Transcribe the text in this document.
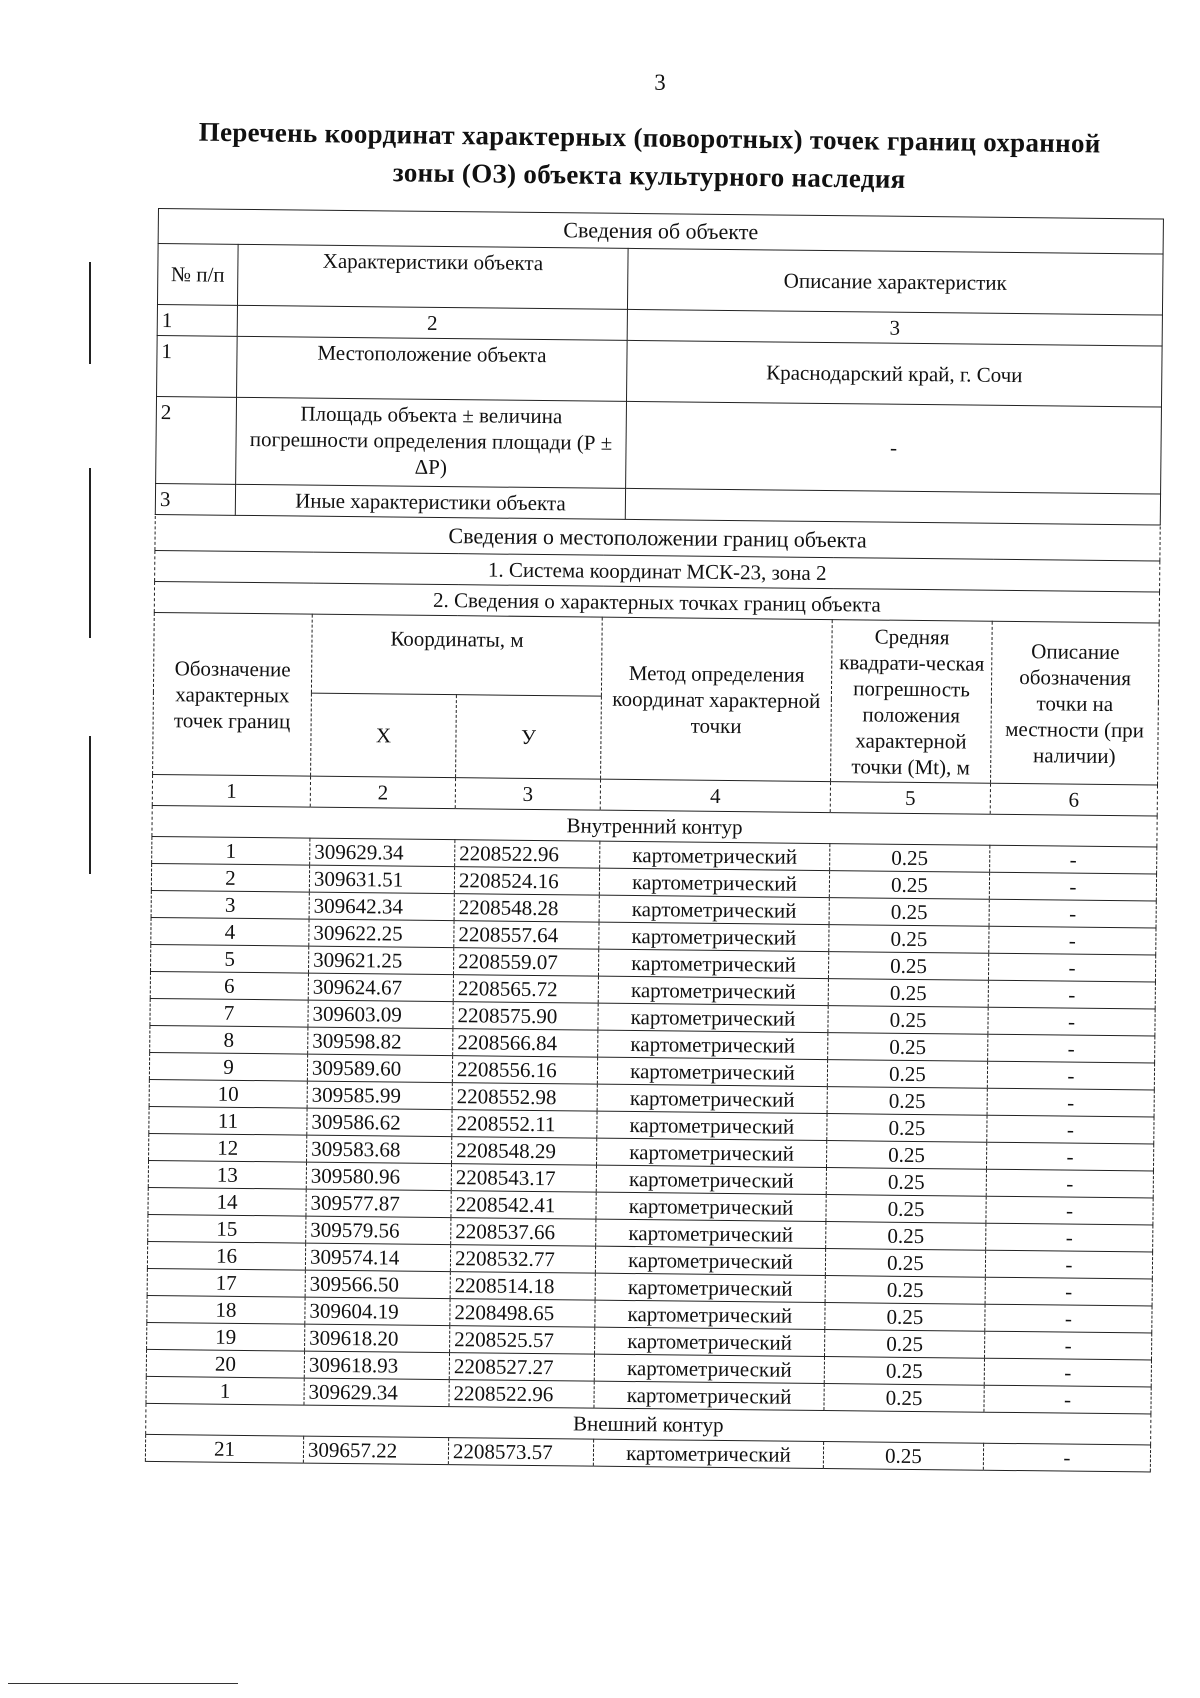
3
Перечень координат характерных (поворотных) точек границ охранной
зоны (ОЗ) объекта культурного наследия
Сведения об объекте		
№ п/п	Характеристики объекта	Описание характеристик
1	2	3
1	Местоположение объекта	Краснодарский край, г. Сочи
2	Площадь объекта ± величина погрешности определения площади (Р ± ΔР)	-
3	Иные характеристики объекта	
Сведения о местоположении границ объекта					
1. Система координат МСК-23, зона 2					
2. Сведения о характерных точках границ объекта					
Обозначение характерных точек границ	Координаты, м		Метод определения координат характерной точки	Средняя квадрати-ческая погрешность положения характерной точки (Мt), м	Описание обозначения точки на местности (при наличии)
	Х	У			
1	2	3	4	5	6
Внутренний контур					
1	309629.34	2208522.96	картометрический	0.25	-
2	309631.51	2208524.16	картометрический	0.25	-
3	309642.34	2208548.28	картометрический	0.25	-
4	309622.25	2208557.64	картометрический	0.25	-
5	309621.25	2208559.07	картометрический	0.25	-
6	309624.67	2208565.72	картометрический	0.25	-
7	309603.09	2208575.90	картометрический	0.25	-
8	309598.82	2208566.84	картометрический	0.25	-
9	309589.60	2208556.16	картометрический	0.25	-
10	309585.99	2208552.98	картометрический	0.25	-
11	309586.62	2208552.11	картометрический	0.25	-
12	309583.68	2208548.29	картометрический	0.25	-
13	309580.96	2208543.17	картометрический	0.25	-
14	309577.87	2208542.41	картометрический	0.25	-
15	309579.56	2208537.66	картометрический	0.25	-
16	309574.14	2208532.77	картометрический	0.25	-
17	309566.50	2208514.18	картометрический	0.25	-
18	309604.19	2208498.65	картометрический	0.25	-
19	309618.20	2208525.57	картометрический	0.25	-
20	309618.93	2208527.27	картометрический	0.25	-
1	309629.34	2208522.96	картометрический	0.25	-
Внешний контур					
21	309657.22	2208573.57	картометрический	0.25	-
